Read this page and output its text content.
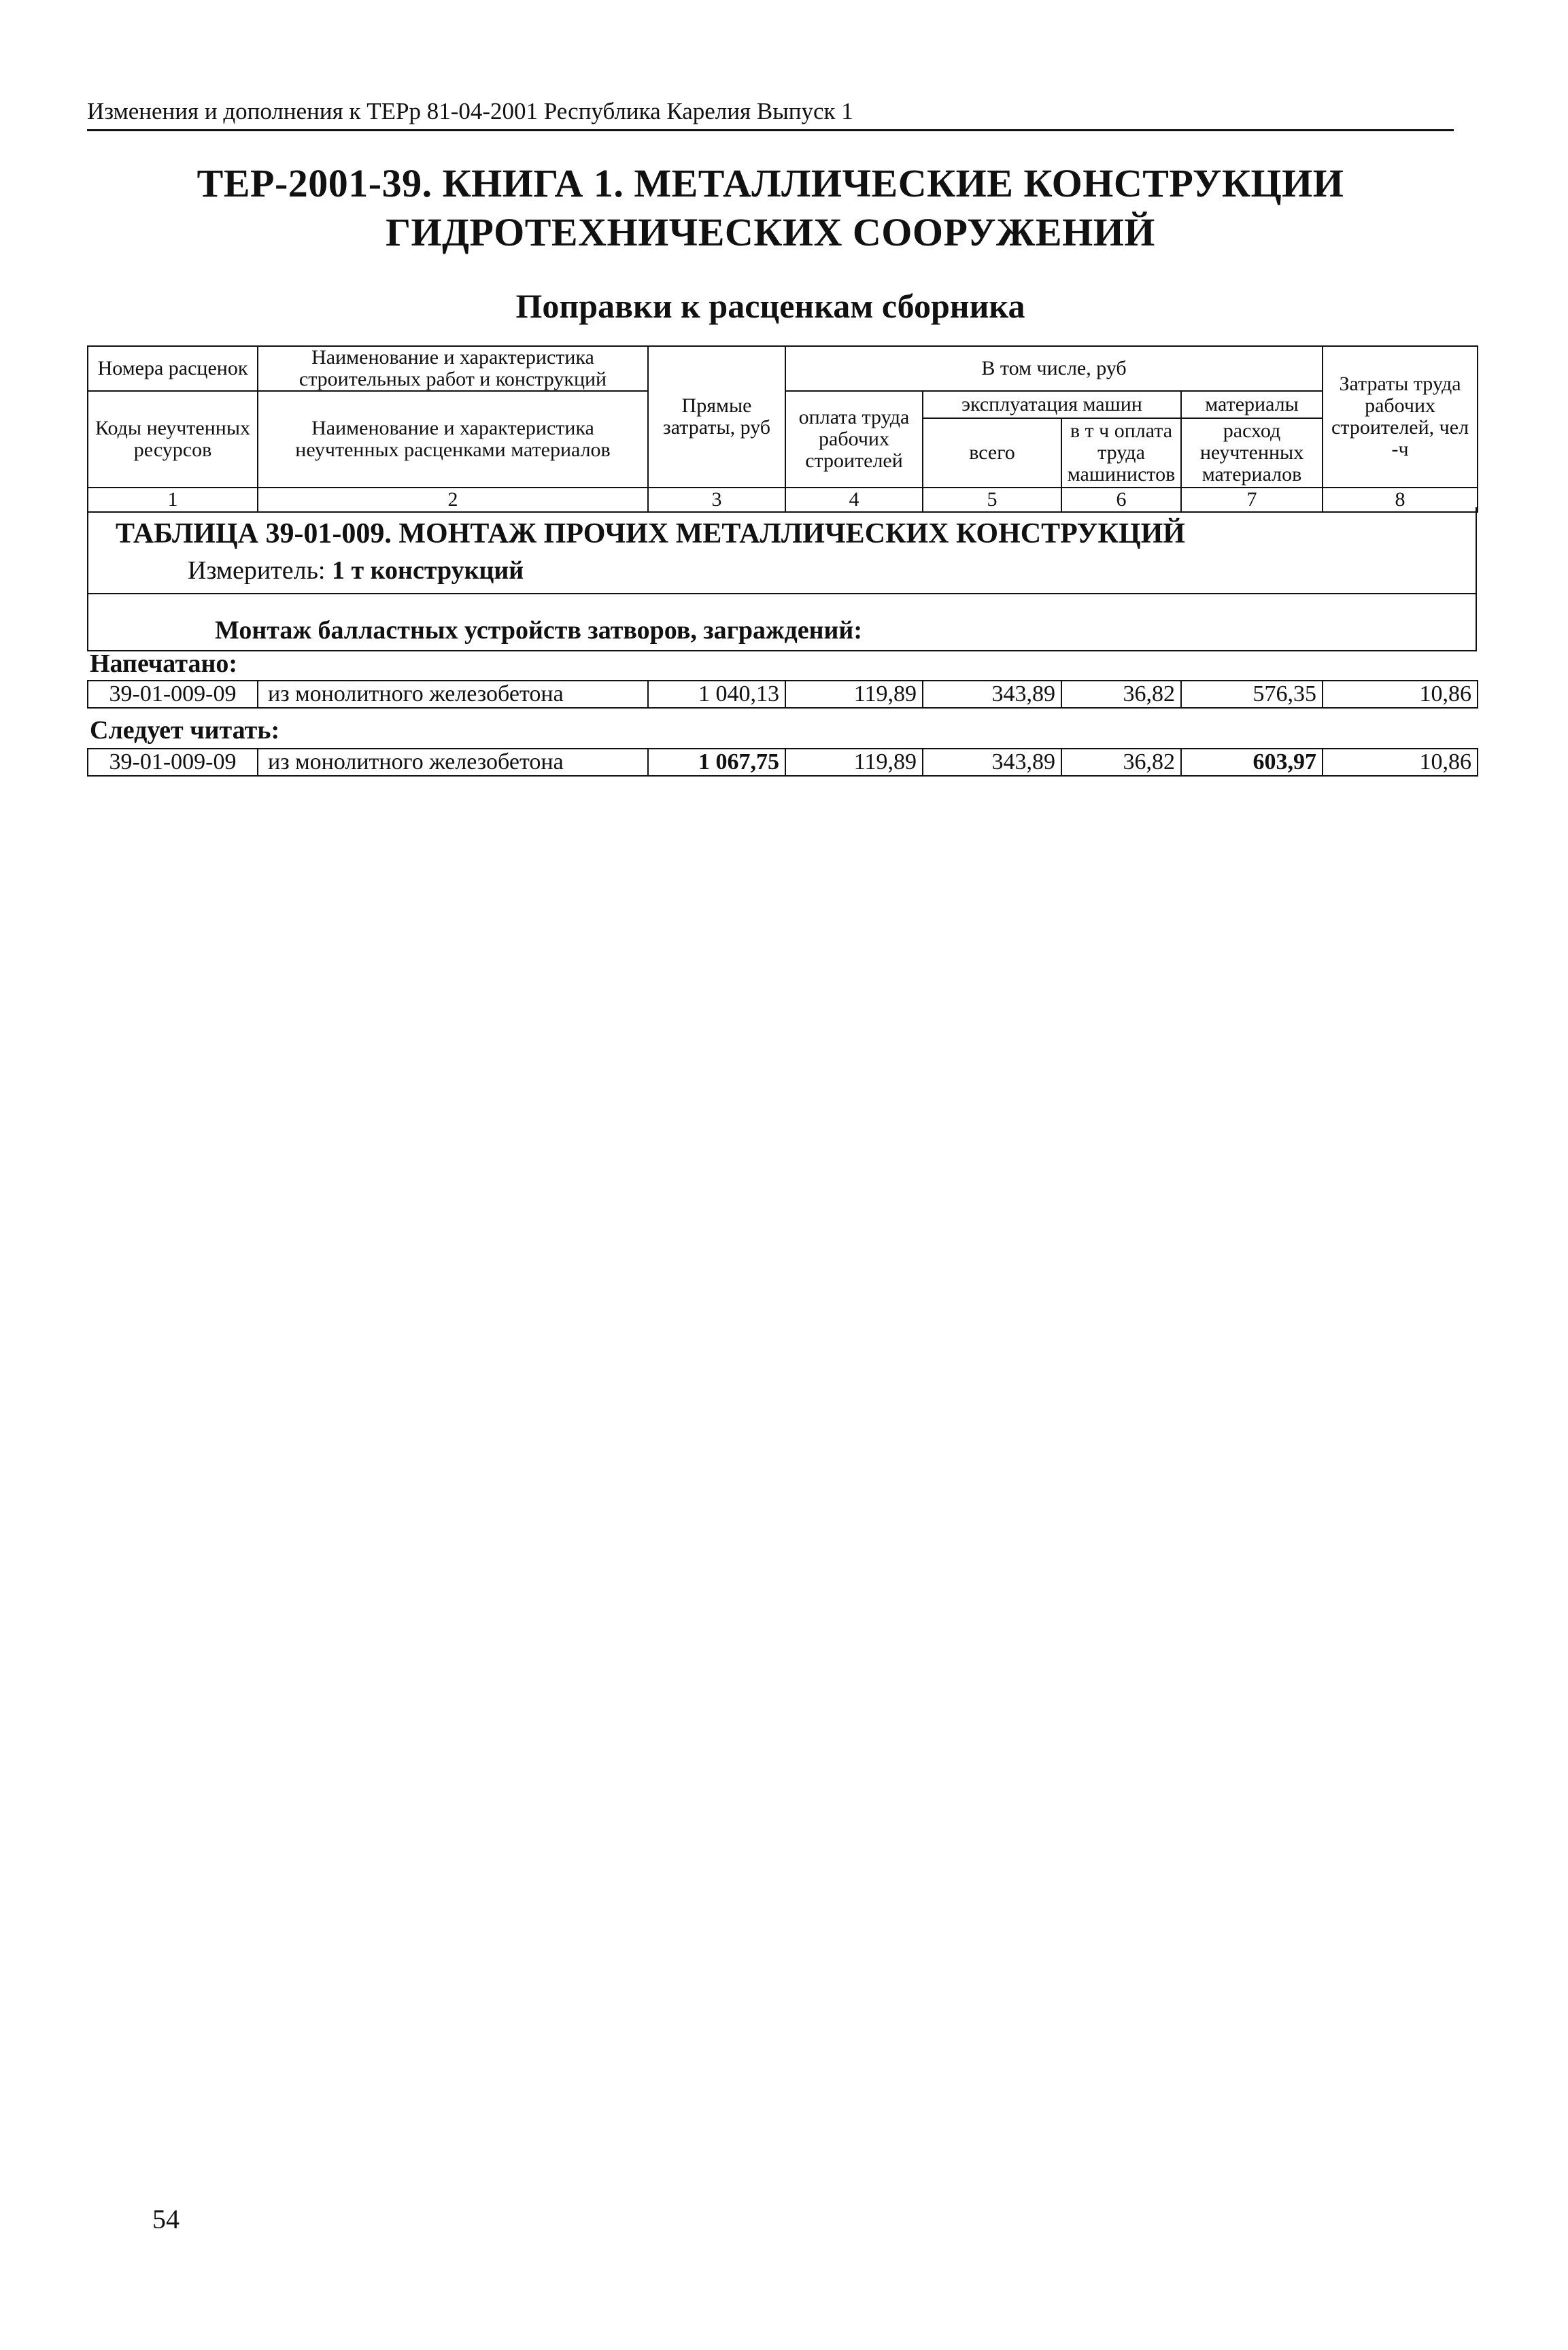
Изменения и дополнения к ТЕРр 81-04-2001 Республика Карелия Выпуск 1
ТЕР-2001-39. КНИГА 1. МЕТАЛЛИЧЕСКИЕ КОНСТРУКЦИИ
ГИДРОТЕХНИЧЕСКИХ СООРУЖЕНИЙ
Поправки к расценкам сборника
Номера расценок	Наименование и характеристика строительных работ и конструкций	Прямые затраты, руб	В том числе, руб				Затраты труда рабочих строителей, чел -ч
Коды неучтенных ресурсов	Наименование и характеристика неучтенных расценками материалов		оплата труда рабочих строителей	эксплуатация машин		материалы	
				всего	в т ч оплата труда машинистов	расход неучтенных материалов	
1	2	3	4	5	6	7	8
ТАБЛИЦА 39-01-009. МОНТАЖ ПРОЧИХ МЕТАЛЛИЧЕСКИХ КОНСТРУКЦИЙ
Измеритель: 1 т конструкций
Монтаж балластных устройств затворов, заграждений:
Напечатано:
39-01-009-09	из монолитного железобетона	1 040,13	119,89	343,89	36,82	576,35	10,86
Следует читать:
39-01-009-09	из монолитного железобетона	1 067,75	119,89	343,89	36,82	603,97	10,86
54
